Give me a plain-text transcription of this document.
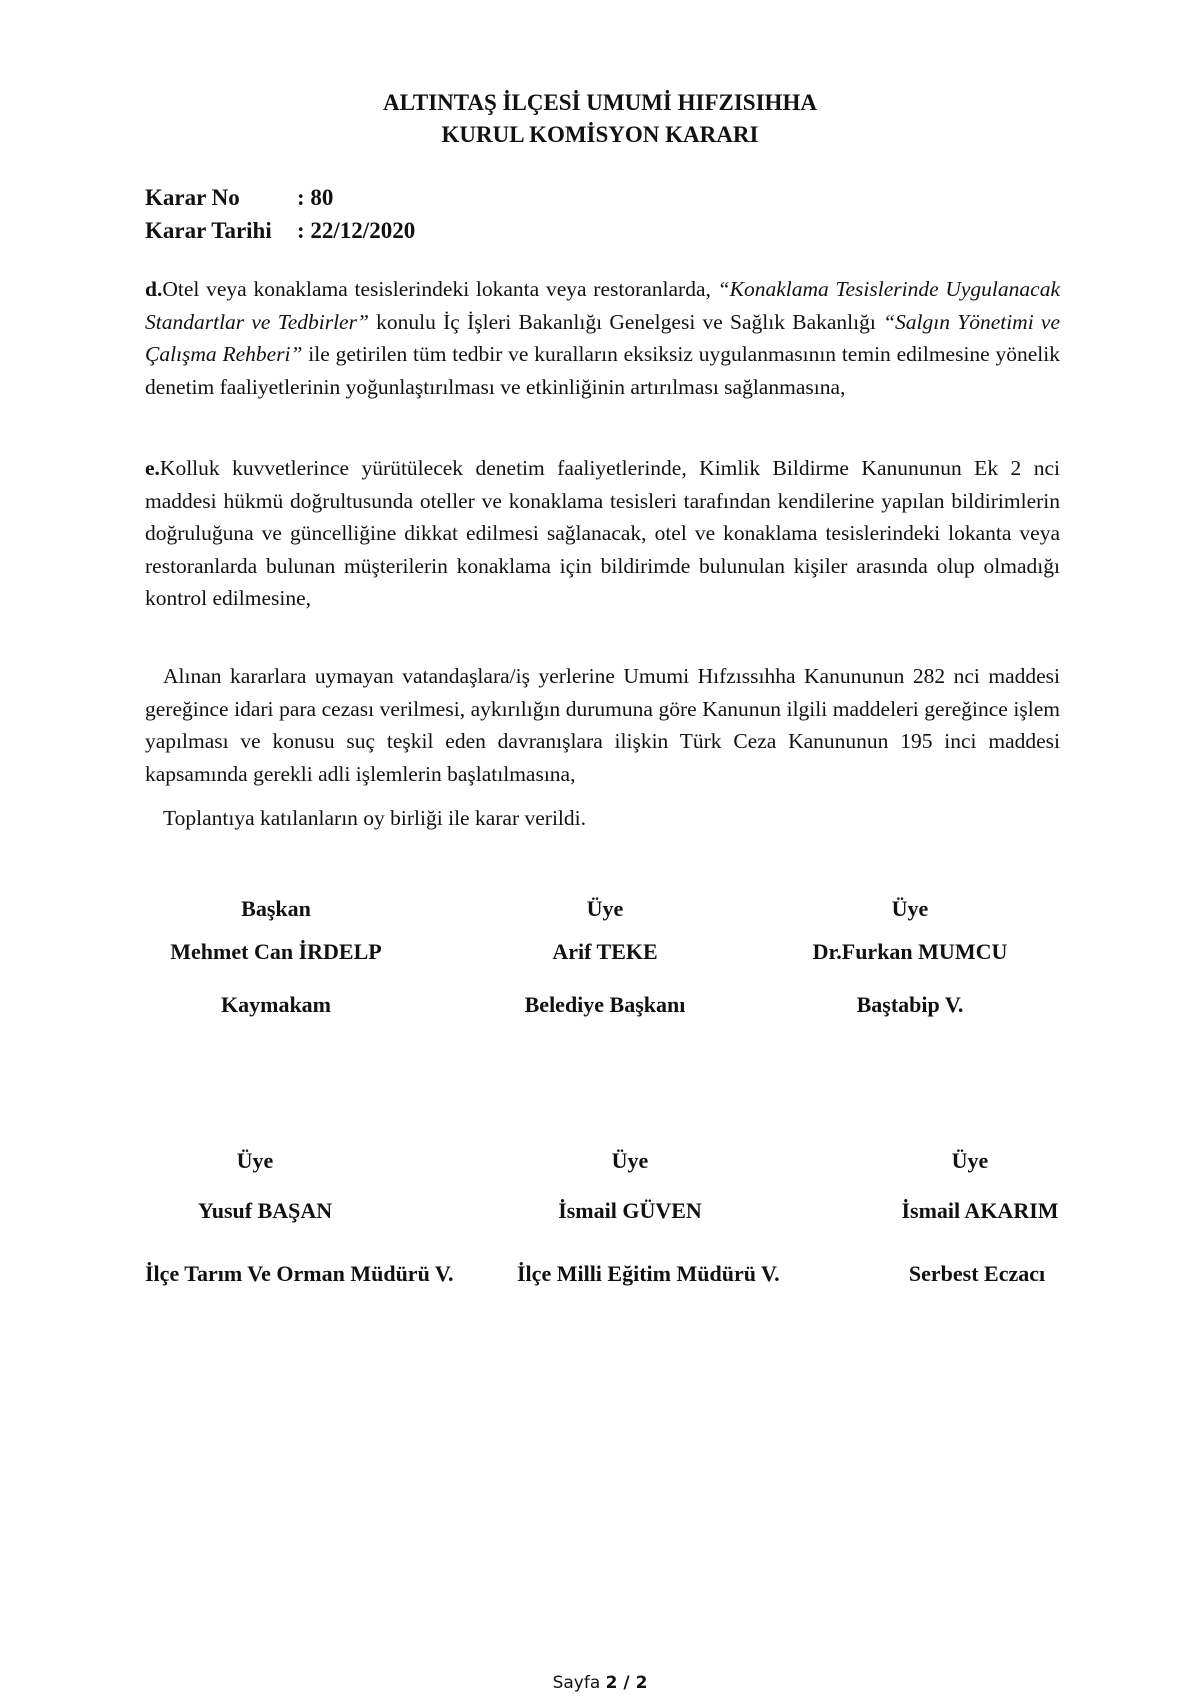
ALTINTAŞ İLÇESİ UMUMİ HIFZISIHHA
KURUL KOMİSYON KARARI
Karar No : 80
Karar Tarihi : 22/12/2020
d.Otel veya konaklama tesislerindeki lokanta veya restoranlarda, “Konaklama Tesislerinde Uygulanacak Standartlar ve Tedbirler” konulu İç İşleri Bakanlığı Genelgesi ve Sağlık Bakanlığı “Salgın Yönetimi ve Çalışma Rehberi” ile getirilen tüm tedbir ve kuralların eksiksiz uygulanmasının temin edilmesine yönelik denetim faaliyetlerinin yoğunlaştırılması ve etkinliğinin artırılması sağlanmasına,
e.Kolluk kuvvetlerince yürütülecek denetim faaliyetlerinde, Kimlik Bildirme Kanununun Ek 2 nci maddesi hükmü doğrultusunda oteller ve konaklama tesisleri tarafından kendilerine yapılan bildirimlerin doğruluğuna ve güncelliğine dikkat edilmesi sağlanacak, otel ve konaklama tesislerindeki lokanta veya restoranlarda bulunan müşterilerin konaklama için bildirimde bulunulan kişiler arasında olup olmadığı kontrol edilmesine,
Alınan kararlara uymayan vatandaşlara/iş yerlerine Umumi Hıfzıssıhha Kanununun 282 nci maddesi gereğince idari para cezası verilmesi, aykırılığın durumuna göre Kanunun ilgili maddeleri gereğince işlem yapılması ve konusu suç teşkil eden davranışlara ilişkin Türk Ceza Kanununun 195 inci maddesi kapsamında gerekli adli işlemlerin başlatılmasına,
Toplantıya katılanların oy birliği ile karar verildi.
Başkan
Mehmet Can İRDELP
Kaymakam
Üye
Arif TEKE
Belediye Başkanı
Üye
Dr.Furkan MUMCU
Baştabip V.
Üye
Yusuf BAŞAN
İlçe Tarım Ve Orman Müdürü V.
Üye
İsmail GÜVEN
İlçe Milli Eğitim Müdürü V.
Üye
İsmail AKARIM
Serbest Eczacı
Sayfa 2 / 2
